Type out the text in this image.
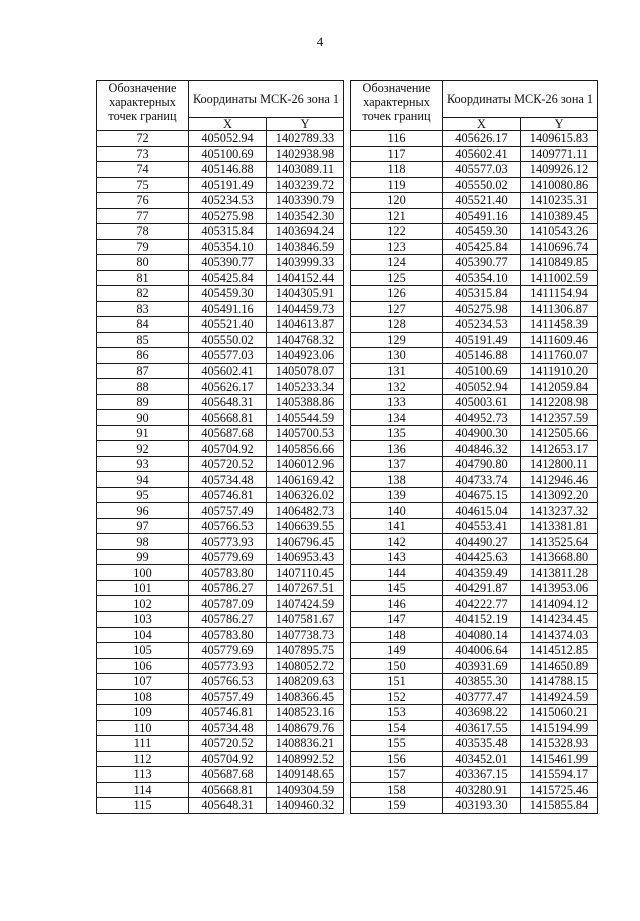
4
Обозначение характерных точек границ	Координаты МСК-26 зона 1	
	X	Y
72	405052.94	1402789.33
73	405100.69	1402938.98
74	405146.88	1403089.11
75	405191.49	1403239.72
76	405234.53	1403390.79
77	405275.98	1403542.30
78	405315.84	1403694.24
79	405354.10	1403846.59
80	405390.77	1403999.33
81	405425.84	1404152.44
82	405459.30	1404305.91
83	405491.16	1404459.73
84	405521.40	1404613.87
85	405550.02	1404768.32
86	405577.03	1404923.06
87	405602.41	1405078.07
88	405626.17	1405233.34
89	405648.31	1405388.86
90	405668.81	1405544.59
91	405687.68	1405700.53
92	405704.92	1405856.66
93	405720.52	1406012.96
94	405734.48	1406169.42
95	405746.81	1406326.02
96	405757.49	1406482.73
97	405766.53	1406639.55
98	405773.93	1406796.45
99	405779.69	1406953.43
100	405783.80	1407110.45
101	405786.27	1407267.51
102	405787.09	1407424.59
103	405786.27	1407581.67
104	405783.80	1407738.73
105	405779.69	1407895.75
106	405773.93	1408052.72
107	405766.53	1408209.63
108	405757.49	1408366.45
109	405746.81	1408523.16
110	405734.48	1408679.76
111	405720.52	1408836.21
112	405704.92	1408992.52
113	405687.68	1409148.65
114	405668.81	1409304.59
115	405648.31	1409460.32
Обозначение характерных точек границ	Координаты МСК-26 зона 1	
	X	Y
116	405626.17	1409615.83
117	405602.41	1409771.11
118	405577.03	1409926.12
119	405550.02	1410080.86
120	405521.40	1410235.31
121	405491.16	1410389.45
122	405459.30	1410543.26
123	405425.84	1410696.74
124	405390.77	1410849.85
125	405354.10	1411002.59
126	405315.84	1411154.94
127	405275.98	1411306.87
128	405234.53	1411458.39
129	405191.49	1411609.46
130	405146.88	1411760.07
131	405100.69	1411910.20
132	405052.94	1412059.84
133	405003.61	1412208.98
134	404952.73	1412357.59
135	404900.30	1412505.66
136	404846.32	1412653.17
137	404790.80	1412800.11
138	404733.74	1412946.46
139	404675.15	1413092.20
140	404615.04	1413237.32
141	404553.41	1413381.81
142	404490.27	1413525.64
143	404425.63	1413668.80
144	404359.49	1413811.28
145	404291.87	1413953.06
146	404222.77	1414094.12
147	404152.19	1414234.45
148	404080.14	1414374.03
149	404006.64	1414512.85
150	403931.69	1414650.89
151	403855.30	1414788.15
152	403777.47	1414924.59
153	403698.22	1415060.21
154	403617.55	1415194.99
155	403535.48	1415328.93
156	403452.01	1415461.99
157	403367.15	1415594.17
158	403280.91	1415725.46
159	403193.30	1415855.84
